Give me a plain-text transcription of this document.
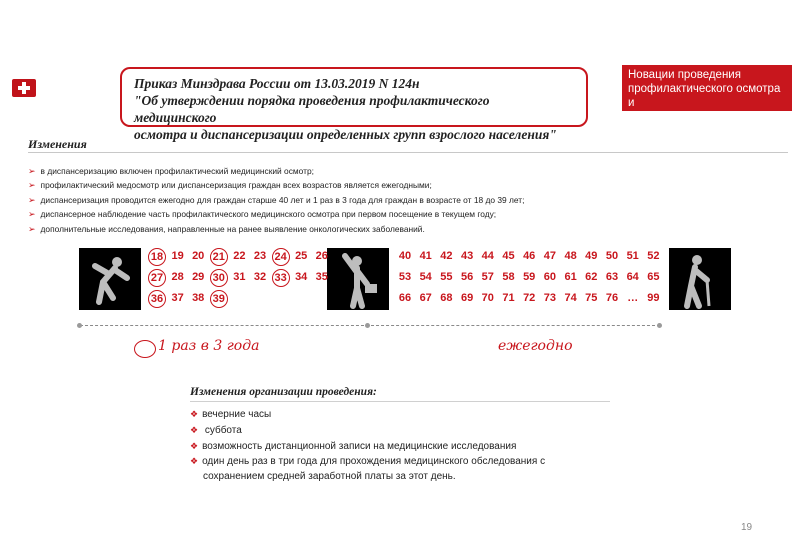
Приказ Минздрава России от 13.03.2019 N 124н
"Об утверждении порядка проведения профилактического медицинского
осмотра и диспансеризации определенных групп взрослого населения"
Новации проведения
профилактического осмотра и
диспансеризации
Изменения
➢ в диспансеризацию включен профилактический медицинский осмотр;
➢ профилактический медосмотр или диспансеризация граждан всех возрастов является ежегодными;
➢ диспансеризация проводится ежегодно для граждан старше 40 лет и 1 раз в 3 года для граждан в возрасте от 18 до 39 лет;
➢ диспансерное наблюдение часть профилактического медицинского осмотра при первом посещение в текущем году;
➢ дополнительные исследования, направленные на ранее выявление онкологических заболеваний.
18 19 20 21 22 23 24 25 26
27 28 29 30 31 32 33 34 35
36 37 38 39
40 41 42 43 44 45 46 47 48 49 50 51 52
53 54 55 56 57 58 59 60 61 62 63 64 65
66 67 68 69 70 71 72 73 74 75 76 … 99
1 раз в 3 года	ежегодно
Изменения организации проведения:
❖ вечерние часы
❖ суббота
❖ возможность дистанционной записи на медицинские исследования
❖ один день раз в три года для прохождения медицинского обследования с
сохранением средней заработной платы за этот день.
19
